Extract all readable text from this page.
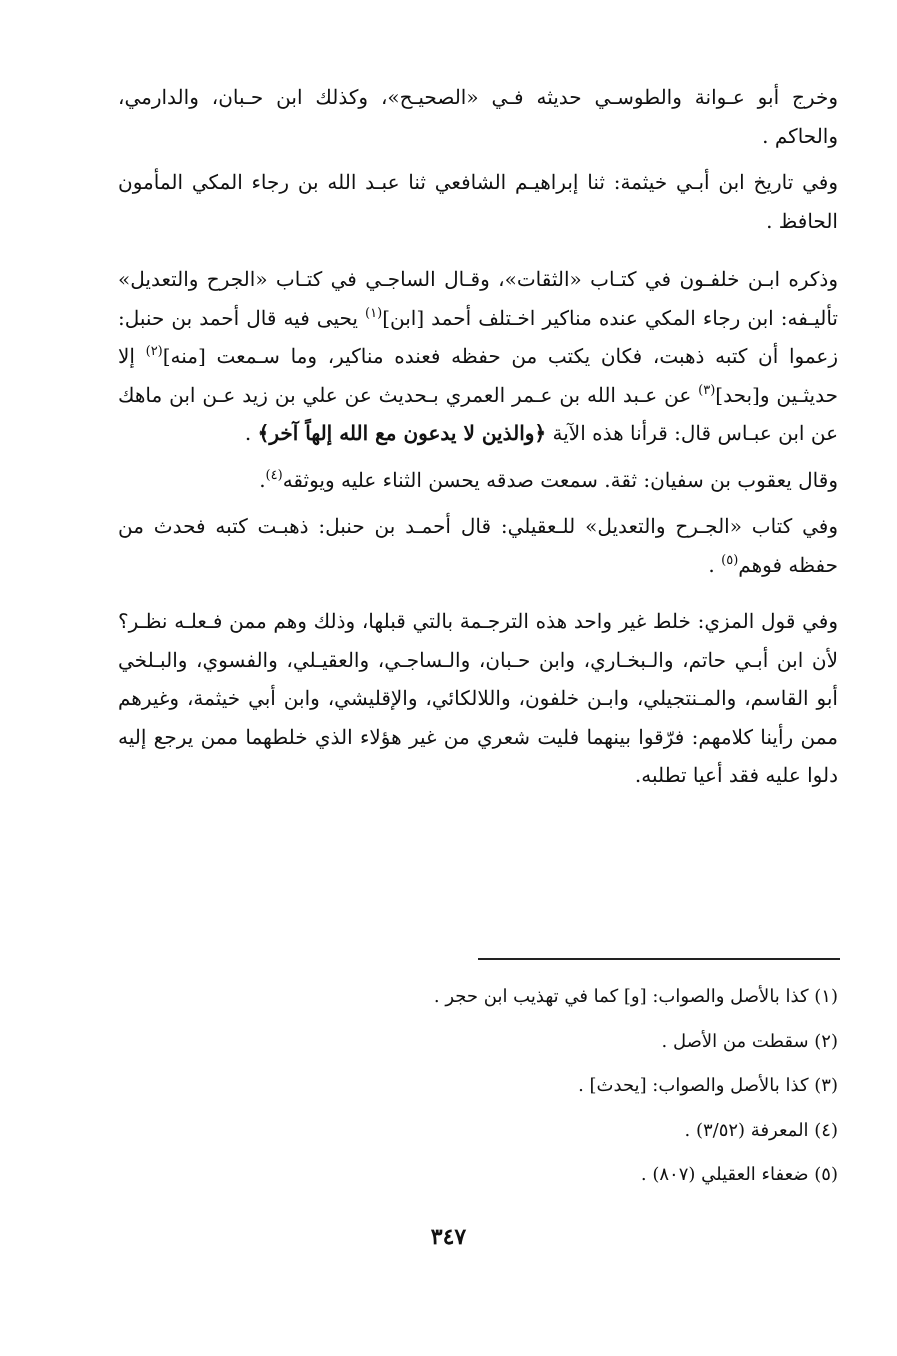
وخرج أبو عـوانة والطوسـي حديثه فـي «الصحيـح»، وكذلك ابن حـبان، والدارمي، والحاكم .

وفي تاريخ ابن أبـي خيثمة: ثنا إبراهيـم الشافعي ثنا عبـد الله بن رجاء المكي المأمون الحافظ .

وذكره ابـن خلفـون في كتـاب «الثقات»، وقـال الساجـي في كتـاب «الجرح والتعديل» تأليـفه: ابن رجاء المكي عنده مناكير اخـتلف أحمد [ابن]$^{(١)}$ يحيى فيه قال أحمد بن حنبل: زعموا أن كتبه ذهبت، فكان يكتب من حفظه فعنده مناكير، وما سـمعت [منه]$^{(٢)}$ إلا حديثـين و[بحد]$^{(٣)}$ عن عـبد الله بن عـمر العمري بـحديث عن علي بن زيد عـن ابن ماهك عن ابن عبـاس قال: قرأنا هذه الآية ﴿والذين لا يدعون مع الله إلهاً آخر﴾ .

وقال يعقوب بن سفيان: ثقة. سمعت صدقه يحسن الثناء عليه ويوثقه$^{(٤)}$.

وفي كتاب «الجـرح والتعديل» للـعقيلي: قال أحمـد بن حنبل: ذهبـت كتبه فحدث من حفظه فوهم$^{(٥)}$ .

وفي قول المزي: خلط غير واحد هذه الترجـمة بالتي قبلها، وذلك وهم ممن فـعلـه نظـر؟ لأن ابن أبـي حاتم، والـبخـاري، وابن حـبان، والـساجـي، والعقيـلي، والفسوي، والبـلخي أبو القاسم، والمـنتجيلي، وابـن خلفون، واللالكائي، والإقليشي، وابن أبي خيثمة، وغيرهم ممن رأينا كلامهم: فرّقوا بينهما فليت شعري من غير هؤلاء الذي خلطهما ممن يرجع إليه دلوا عليه فقد أعيا تطلبه.

(١) كذا بالأصل والصواب: [و] كما في تهذيب ابن حجر .
(٢) سقطت من الأصل .
(٣) كذا بالأصل والصواب: [يحدث] .
(٤) المعرفة (٣/٥٢) .
(٥) ضعفاء العقيلي (٨٠٧) .
٣٤٧
